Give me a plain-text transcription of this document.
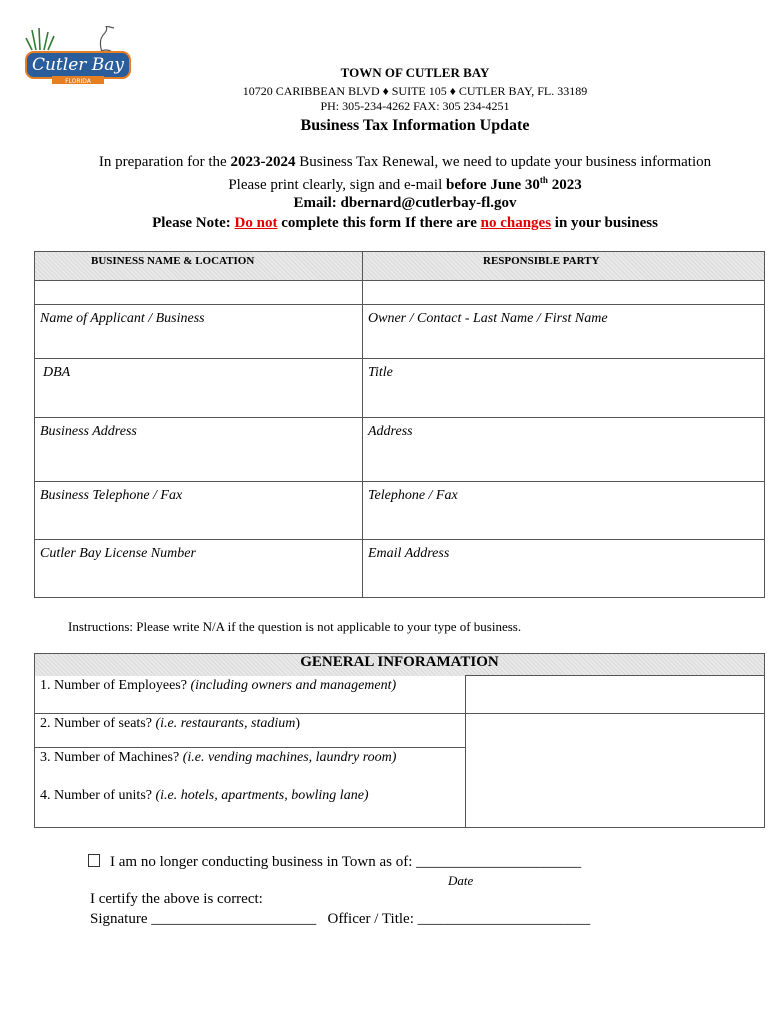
Cutler Bay
FLORIDA
TOWN OF CUTLER BAY
10720 CARIBBEAN BLVD ♦ SUITE 105 ♦ CUTLER BAY, FL. 33189
PH: 305-234-4262 FAX: 305 234-4251
Business Tax Information Update
In preparation for the 2023-2024 Business Tax Renewal, we need to update your business information
Please print clearly, sign and e-mail before June 30th 2023
Email: dbernard@cutlerbay-fl.gov
Please Note: Do not complete this form If there are no changes in your business
BUSINESS NAME & LOCATION	RESPONSIBLE PARTY

Name of Applicant / Business	Owner / Contact - Last Name / First Name

DBA	Title

Business Address	Address

Business Telephone / Fax	Telephone / Fax

Cutler Bay License Number	Email Address
Instructions: Please write N/A if the question is not applicable to your type of business.
GENERAL INFORAMATION	
1. Number of Employees? (including owners and management)	
2. Number of seats? (i.e. restaurants, stadium)	

3. Number of Machines? (i.e. vending machines, laundry room)	

4. Number of units? (i.e. hotels, apartments, bowling lane)	
I am no longer conducting business in Town as of: ______________________
Date
I certify the above is correct:
Signature ______________________   Officer / Title: _______________________
